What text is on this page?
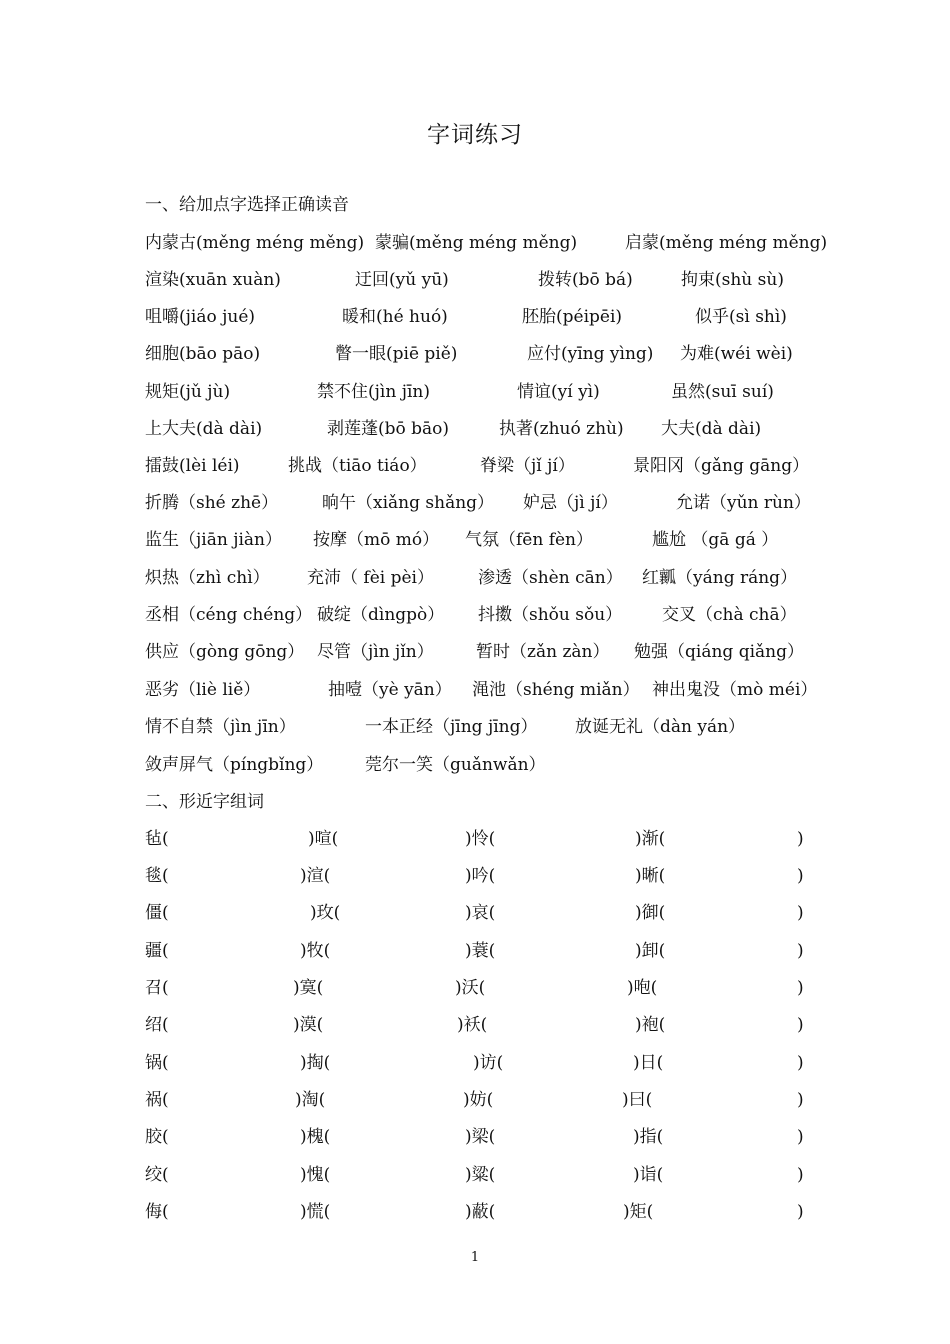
字词练习
一、给加点字选择正确读音
内蒙古(měng méng měng) 蒙骗(měng méng měng)	启蒙(měng méng měng)
渲染(xuān xuàn)	迂回(yǔ yū)	拨转(bō bá)	拘束(shù sù)
咀嚼(jiáo jué)	暖和(hé huó)	胚胎(péipēi)	似乎(sì shì)
细胞(bāo pāo)	瞥一眼(piē piě)	应付(yīng yìng) 为难(wéi wèi)
规矩(jǔ jù)	禁不住(jìn jīn)	情谊(yí yì)	虽然(suī suí)
上大夫(dà dài)	剥莲蓬(bō bāo)	执著(zhuó zhù) 大夫(dà dài)
擂鼓(lèi léi)	挑战（tiāo tiáo）	脊梁（jǐ jí）	景阳冈（gǎng gāng）
折腾（shé zhē）	晌午（xiǎng shǎng） 妒忌（jì jí）	允诺（yǔn rùn）
监生（jiān jiàn） 按摩（mō mó） 气氛（fēn fèn）	尴尬 （gā gá ）
炽热（zhì chì） 充沛（ fèi pèi）	渗透（shèn cān） 红瓤（yáng ráng）
丞相（céng chéng） 破绽（dìngpò） 抖擞（shǒu sǒu） 交叉（chà chā）
供应（gòng gōng） 尽管（jìn jǐn） 暂时（zǎn zàn） 勉强（qiáng qiǎng）
恶劣（liè liě）	抽噎（yè yān） 渑池（shéng miǎn） 神出鬼没（mò méi）
情不自禁（jìn jīn）	一本正经（jīng jīng） 放诞无礼（dàn yán）
敛声屏气（píngbǐng） 莞尔一笑（guǎnwǎn）
二、形近字组词
毡(	)喧(	)怜(	)渐(	)
毯(	)渲(	)吟(	)晰(	)
僵(	)玫(	)哀(	)御(	)
疆(	)牧(	)蓑(	)卸(	)
召(	)寞(	)沃(	)咆(	)
绍(	)漠(	)袄(	)袍(	)
锅(	)掏(	)访(	)日(	)
祸(	)淘(	)妨(	)曰(	)
胶(	)槐(	)梁(	)指(	)
绞(	)愧(	)粱(	)诣(	)
侮(	)慌(	)蔽(	)矩(	)
1
